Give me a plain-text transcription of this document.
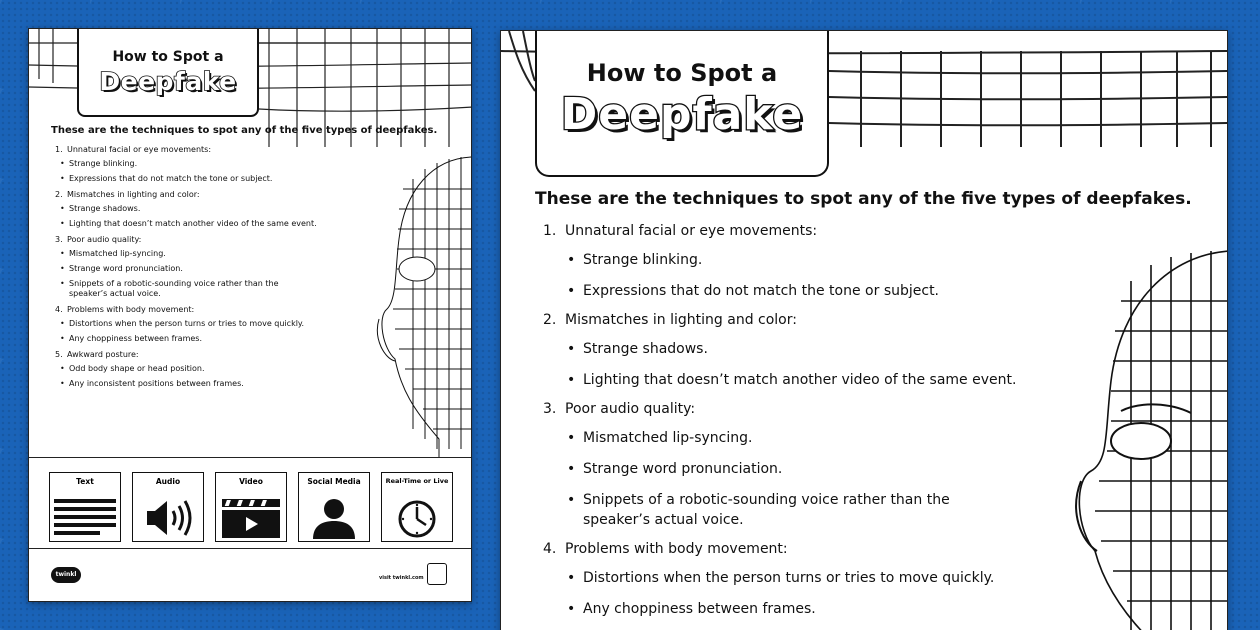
How to Spot a
Deepfake
These are the techniques to spot any of the five types of deepfakes.
1. Unnatural facial or eye movements:
• Strange blinking.
• Expressions that do not match the tone or subject.
2. Mismatches in lighting and color:
• Strange shadows.
• Lighting that doesn’t match another video of the same event.
3. Poor audio quality:
• Mismatched lip-syncing.
• Strange word pronunciation.
• Snippets of a robotic-sounding voice rather than the speaker’s actual voice.
4. Problems with body movement:
• Distortions when the person turns or tries to move quickly.
• Any choppiness between frames.
5. Awkward posture:
• Odd body shape or head position.
• Any inconsistent positions between frames.
Text	Audio	Video	Social Media	Real-Time or Live
twinkl	visit twinkl.com
How to Spot a
Deepfake
These are the techniques to spot any of the five types of deepfakes.
1. Unnatural facial or eye movements:
• Strange blinking.
• Expressions that do not match the tone or subject.
2. Mismatches in lighting and color:
• Strange shadows.
• Lighting that doesn’t match another video of the same event.
3. Poor audio quality:
• Mismatched lip-syncing.
• Strange word pronunciation.
• Snippets of a robotic-sounding voice rather than the speaker’s actual voice.
4. Problems with body movement:
• Distortions when the person turns or tries to move quickly.
• Any choppiness between frames.
